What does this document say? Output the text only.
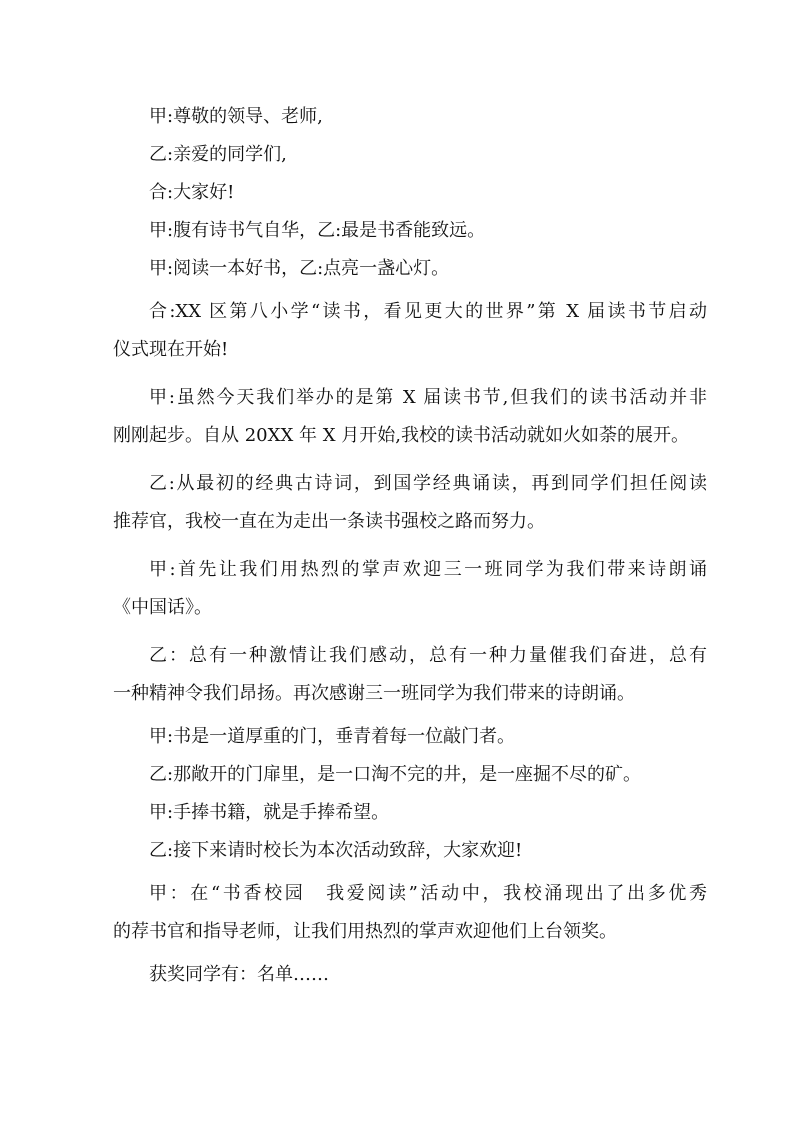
甲:尊敬的领导、老师,

乙:亲爱的同学们,

合:大家好!

甲:腹有诗书气自华，乙:最是书香能致远。

甲:阅读一本好书，乙:点亮一盏心灯。

合:XX 区第八小学“读书，看见更大的世界”第 X 届读书节启动
仪式现在开始!

甲:虽然今天我们举办的是第 X 届读书节,但我们的读书活动并非
刚刚起步。自从 20XX 年 X 月开始,我校的读书活动就如火如荼的展开。

乙:从最初的经典古诗词，到国学经典诵读，再到同学们担任阅读
推荐官，我校一直在为走出一条读书强校之路而努力。

甲:首先让我们用热烈的掌声欢迎三一班同学为我们带来诗朗诵
《中国话》。

乙：总有一种激情让我们感动，总有一种力量催我们奋进，总有
一种精神令我们昂扬。再次感谢三一班同学为我们带来的诗朗诵。

甲:书是一道厚重的门，垂青着每一位敲门者。

乙:那敞开的门扉里，是一口淘不完的井，是一座掘不尽的矿。

甲:手捧书籍，就是手捧希望。

乙:接下来请时校长为本次活动致辞，大家欢迎!

甲：在“书香校园　我爱阅读”活动中，我校涌现出了出多优秀
的荐书官和指导老师，让我们用热烈的掌声欢迎他们上台领奖。

获奖同学有：名单……
